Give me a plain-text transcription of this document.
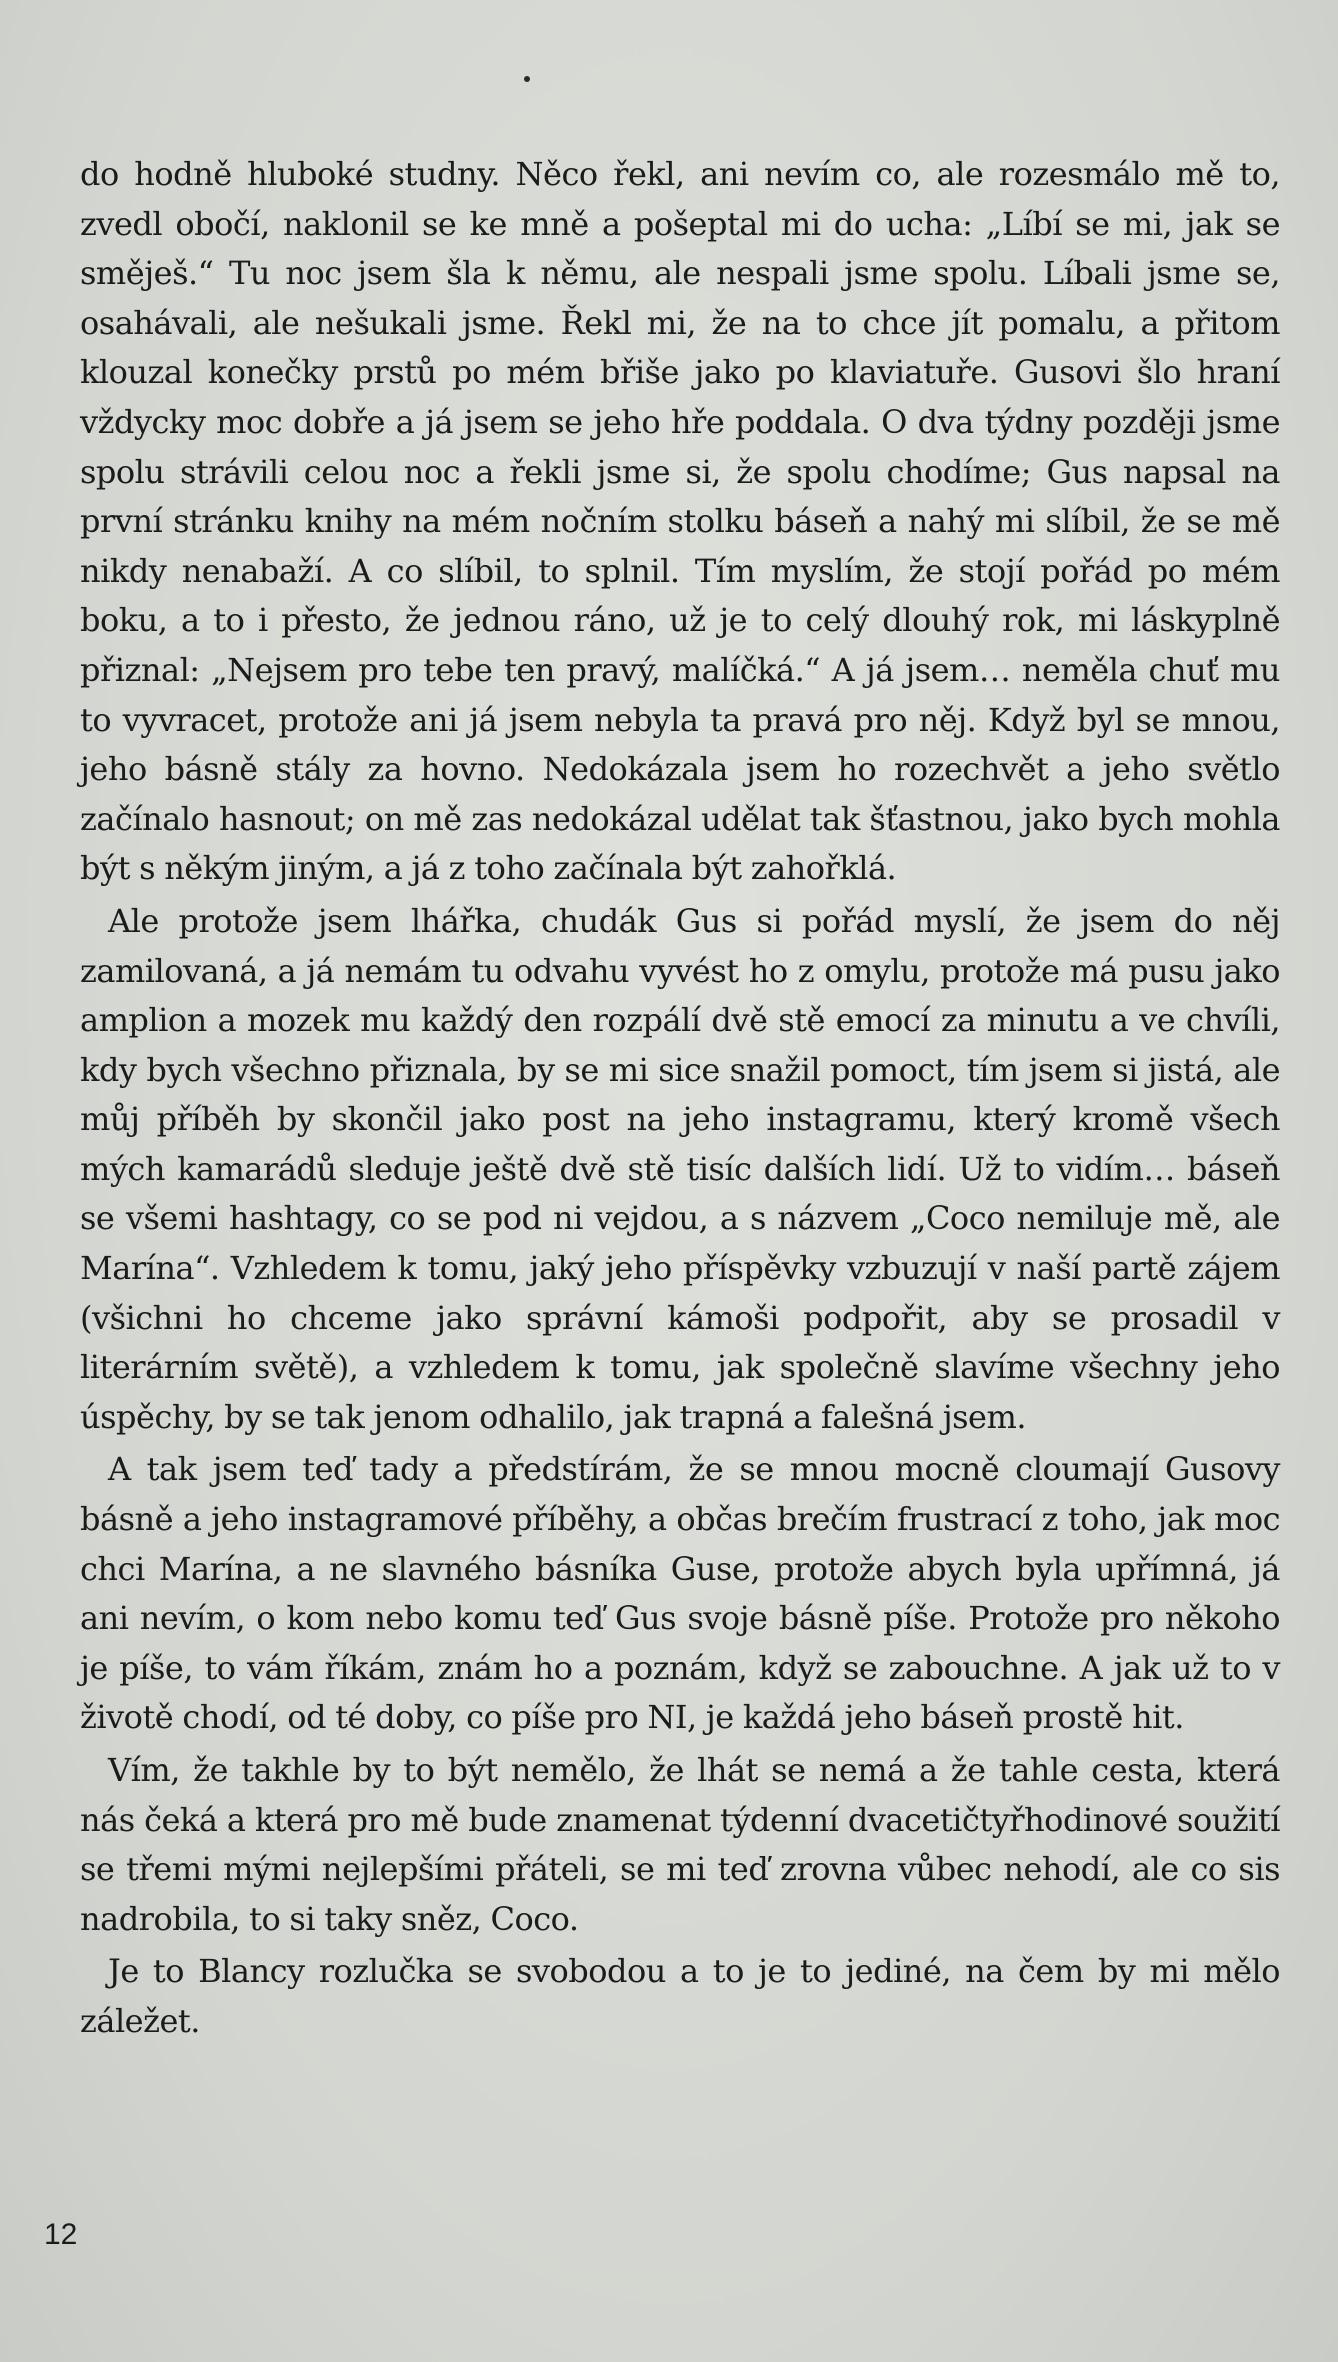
do hodně hluboké studny. Něco řekl, ani nevím co, ale rozesmálo mě to, zvedl obočí, naklonil se ke mně a pošeptal mi do ucha: „Líbí se mi, jak se směješ.“ Tu noc jsem šla k němu, ale nespali jsme spolu. Líbali jsme se, osahávali, ale nešukali jsme. Řekl mi, že na to chce jít pomalu, a přitom klouzal konečky prstů po mém břiše jako po klaviatuře. Gusovi šlo hraní vždycky moc dobře a já jsem se jeho hře poddala. O dva týdny později jsme spolu strávili celou noc a řekli jsme si, že spolu chodíme; Gus napsal na první stránku knihy na mém nočním stolku báseň a nahý mi slíbil, že se mě nikdy nenabaží. A co slíbil, to splnil. Tím myslím, že stojí pořád po mém boku, a to i přesto, že jednou ráno, už je to celý dlouhý rok, mi láskyplně přiznal: „Nejsem pro tebe ten pravý, malíčká.“ A já jsem… neměla chuť mu to vyvracet, protože ani já jsem nebyla ta pravá pro něj. Když byl se mnou, jeho básně stály za hovno. Nedokázala jsem ho rozechvět a jeho světlo začínalo hasnout; on mě zas nedokázal udělat tak šťastnou, jako bych mohla být s někým jiným, a já z toho začínala být zahořklá.

Ale protože jsem lhářka, chudák Gus si pořád myslí, že jsem do něj zamilovaná, a já nemám tu odvahu vyvést ho z omylu, protože má pusu jako amplion a mozek mu každý den rozpálí dvě stě emocí za minutu a ve chvíli, kdy bych všechno přiznala, by se mi sice snažil pomoct, tím jsem si jistá, ale můj příběh by skončil jako post na jeho instagramu, který kromě všech mých kamarádů sleduje ještě dvě stě tisíc dalších lidí. Už to vidím… báseň se všemi hashtagy, co se pod ni vejdou, a s názvem „Coco nemiluje mě, ale Marína“. Vzhledem k tomu, jaký jeho příspěvky vzbuzují v naší partě zájem (všichni ho chceme jako správní kámoši podpořit, aby se prosadil v literárním světě), a vzhledem k tomu, jak společně slavíme všechny jeho úspěchy, by se tak jenom odhalilo, jak trapná a falešná jsem.

A tak jsem teď tady a předstírám, že se mnou mocně cloumají Gusovy básně a jeho instagramové příběhy, a občas brečím frustrací z toho, jak moc chci Marína, a ne slavného básníka Guse, protože abych byla upřímná, já ani nevím, o kom nebo komu teď Gus svoje básně píše. Protože pro někoho je píše, to vám říkám, znám ho a poznám, když se zabouchne. A jak už to v životě chodí, od té doby, co píše pro NI, je každá jeho báseň prostě hit.

Vím, že takhle by to být nemělo, že lhát se nemá a že tahle cesta, která nás čeká a která pro mě bude znamenat týdenní dvacetičtyřhodinové soužití se třemi mými nejlepšími přáteli, se mi teď zrovna vůbec nehodí, ale co sis nadrobila, to si taky sněz, Coco.

Je to Blancy rozlučka se svobodou a to je to jediné, na čem by mi mělo záležet.

12
